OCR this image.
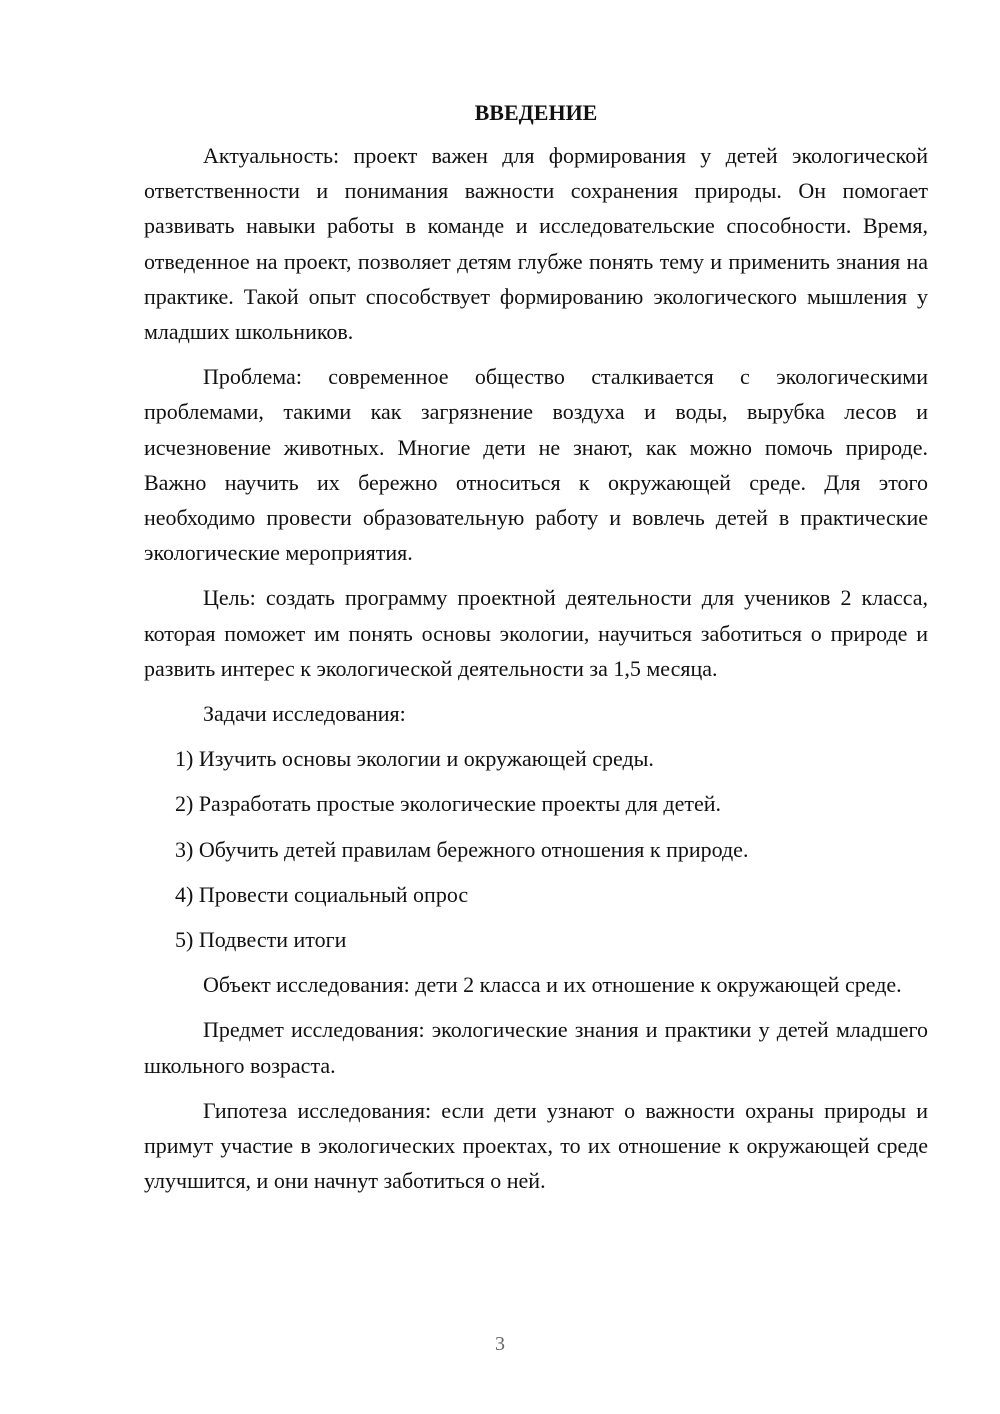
ВВЕДЕНИЕ

Актуальность: проект важен для формирования у детей экологической ответственности и понимания важности сохранения природы. Он помогает развивать навыки работы в команде и исследовательские способности. Время, отведенное на проект, позволяет детям глубже понять тему и применить знания на практике. Такой опыт способствует формированию экологического мышления у младших школьников.

Проблема: современное общество сталкивается с экологическими проблемами, такими как загрязнение воздуха и воды, вырубка лесов и исчезновение животных. Многие дети не знают, как можно помочь природе. Важно научить их бережно относиться к окружающей среде. Для этого необходимо провести образовательную работу и вовлечь детей в практические экологические мероприятия.

Цель: создать программу проектной деятельности для учеников 2 класса, которая поможет им понять основы экологии, научиться заботиться о природе и развить интерес к экологической деятельности за 1,5 месяца.

Задачи исследования:
1) Изучить основы экологии и окружающей среды.
2) Разработать простые экологические проекты для детей.
3) Обучить детей правилам бережного отношения к природе.
4) Провести социальный опрос
5) Подвести итоги

Объект исследования: дети 2 класса и их отношение к окружающей среде.

Предмет исследования: экологические знания и практики у детей младшего школьного возраста.

Гипотеза исследования: если дети узнают о важности охраны природы и примут участие в экологических проектах, то их отношение к окружающей среде улучшится, и они начнут заботиться о ней.

3
